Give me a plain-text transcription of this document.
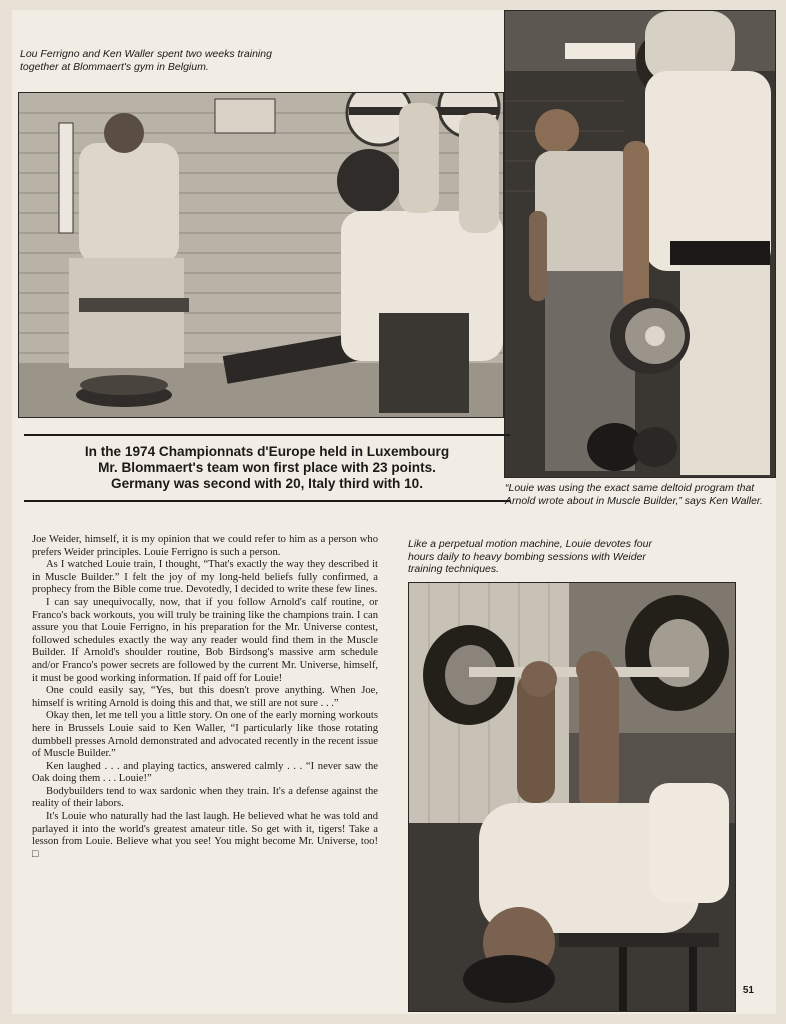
Lou Ferrigno and Ken Waller spent two weeks training together at Blommaert's gym in Belgium.
In the 1974 Championnats d'Europe held in Luxembourg
Mr. Blommaert's team won first place with 23 points.
Germany was second with 20, Italy third with 10.	“Louie was using the exact same deltoid program that Arnold wrote about in Muscle Builder,” says Ken Waller.
Like a perpetual motion machine, Louie devotes four hours daily to heavy bombing sessions with Weider training techniques.

Joe Weider, himself, it is my opinion that we could refer to him as a person who prefers Weider principles. Louie Ferrigno is such a person.

As I watched Louie train, I thought, “That's exactly the way they described it in Muscle Builder.” I felt the joy of my long-held beliefs fully confirmed, a prophecy from the Bible come true. Devotedly, I decided to write these few lines.

I can say unequivocally, now, that if you follow Arnold's calf routine, or Franco's back workouts, you will truly be training like the champions train. I can assure you that Louie Ferrigno, in his preparation for the Mr. Universe contest, followed schedules exactly the way any reader would find them in the Muscle Builder. If Arnold's shoulder routine, Bob Birdsong's massive arm schedule and/or Franco's power secrets are followed by the current Mr. Universe, himself, it must be good working information. If paid off for Louie!

One could easily say, “Yes, but this doesn't prove anything. When Joe, himself is writing Arnold is doing this and that, we still are not sure . . .”

Okay then, let me tell you a little story. On one of the early morning workouts here in Brussels Louie said to Ken Waller, “I particularly like those rotating dumbbell presses Arnold demonstrated and advocated recently in the recent issue of Muscle Builder.”

Ken laughed . . . and playing tactics, answered calmly . . . “I never saw the Oak doing them . . . Louie!”

Bodybuilders tend to wax sardonic when they train. It's a defense against the reality of their labors.

It's Louie who naturally had the last laugh. He believed what he was told and parlayed it into the world's greatest amateur title. So get with it, tigers! Take a lesson from Louie. Believe what you see! You might become Mr. Universe, too! □

51
